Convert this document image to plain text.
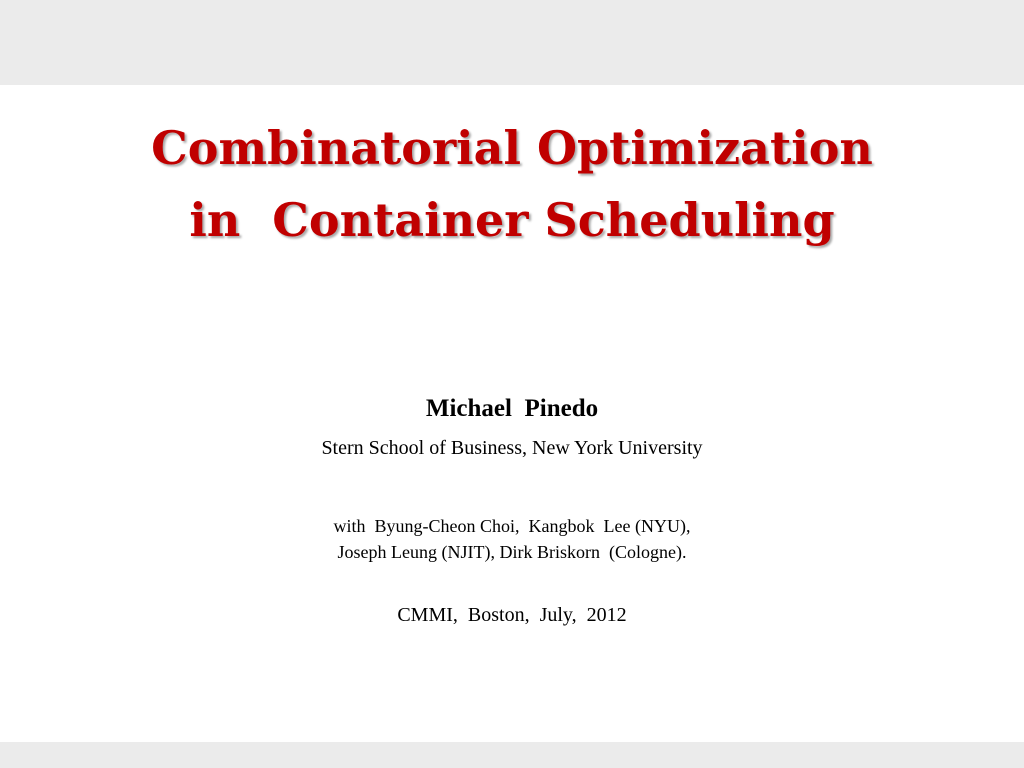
Combinatorial Optimization
in  Container Scheduling
Michael  Pinedo
Stern School of Business, New York University
with  Byung-Cheon Choi,  Kangbok  Lee (NYU),
Joseph Leung (NJIT), Dirk Briskorn  (Cologne).
CMMI,  Boston,  July,  2012
